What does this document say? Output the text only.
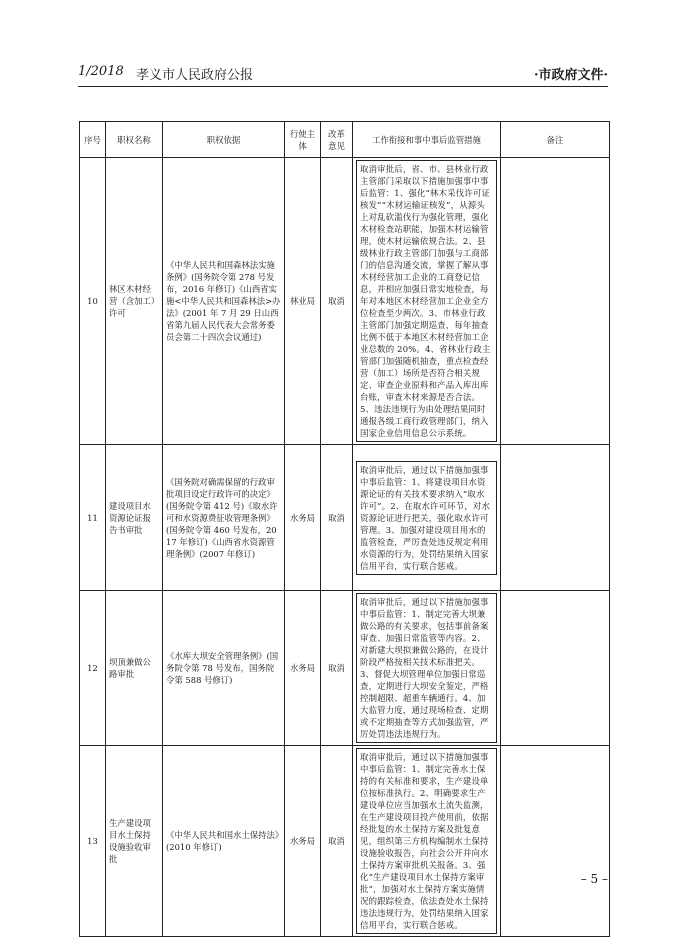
1/2018 孝义市人民政府公报	·市政府文件·
序号	职权名称	职权依据	行使主体	改革意见	工作衔接和事中事后监管措施	备注
10	林区木材经营（含加工）许可	《中华人民共和国森林法实施条例》(国务院令第 278 号发布，2016 年修订)《山西省实施<中华人民共和国森林法>办法》(2001 年 7 月 29 日山西省第九届人民代表大会常务委员会第二十四次会议通过)	林业局	取消	取消审批后，省、市、县林业行政主管部门采取以下措施加强事中事后监管：1、强化“林木采伐许可证核发”“木材运输证核发”，从源头上对乱砍滥伐行为强化管理，强化木材检查站职能，加强木材运输管理，使木材运输依规合法。2、县级林业行政主管部门加强与工商部门的信息沟通交流，掌握了解从事木材经营加工企业的工商登记信息，并相应加强日常实地检查，每年对本地区木材经营加工企业全方位检查至少两次。3、市林业行政主管部门加强定期巡查，每年抽查比例不低于本地区木材经营加工企业总数的 20%。4、省林业行政主管部门加强随机抽查，重点检查经营（加工）场所是否符合相关规定、审查企业原料和产品入库出库台账，审查木材来源是否合法。5、违法违规行为由处理结果同时通报各级工商行政管理部门，纳入国家企业信用信息公示系统。	

11	建设项目水资源论证报告书审批	《国务院对确需保留的行政审批项目设定行政许可的决定》(国务院令第 412 号)《取水许可和水资源费征收管理条例》(国务院令第 460 号发布，2017 年修订)《山西省水资源管理条例》(2007 年修订)	水务局	取消	取消审批后，通过以下措施加强事中事后监管：1、将建设项目水资源论证的有关技术要求纳入“取水许可”。2、在取水许可环节，对水资源论证进行把关，强化取水许可管理。3、加强对建设项目用水的监管检查，严厉查处违反规定利用水资源的行为，处罚结果纳入国家信用平台，实行联合惩戒。	

12	坝顶兼做公路审批	《水库大坝安全管理条例》(国务院令第 78 号发布，国务院令第 588 号修订)	水务局	取消	取消审批后，通过以下措施加强事中事后监管：1、制定完善大坝兼做公路的有关要求，包括事前备案审查、加强日常监管等内容。2、对新建大坝拟兼做公路的，在设计阶段严格按相关技术标准把关。3、督促大坝管理单位加强日常巡查，定期进行大坝安全鉴定，严格控制超限、超重车辆通行。4、加大监管力度，通过现场检查、定期或不定期抽查等方式加强监管，严厉处罚违法违规行为。	

13	生产建设项目水土保持设施验收审批	《中华人民共和国水土保持法》(2010 年修订)	水务局	取消	取消审批后，通过以下措施加强事中事后监管：1、制定完善水土保持的有关标准和要求，生产建设单位按标准执行。2、明确要求生产建设单位应当加强水土流失监测，在生产建设项目投产使用前，依据经批复的水土保持方案及批复意见，组织第三方机构编制水土保持设施验收报告，向社会公开并向水土保持方案审批机关报备。3、强化“生产建设项目水土保持方案审批”，加强对水土保持方案实施情况的跟踪检查，依法查处水土保持违法违规行为，处罚结果纳入国家信用平台，实行联合惩戒。	

– 5 –
